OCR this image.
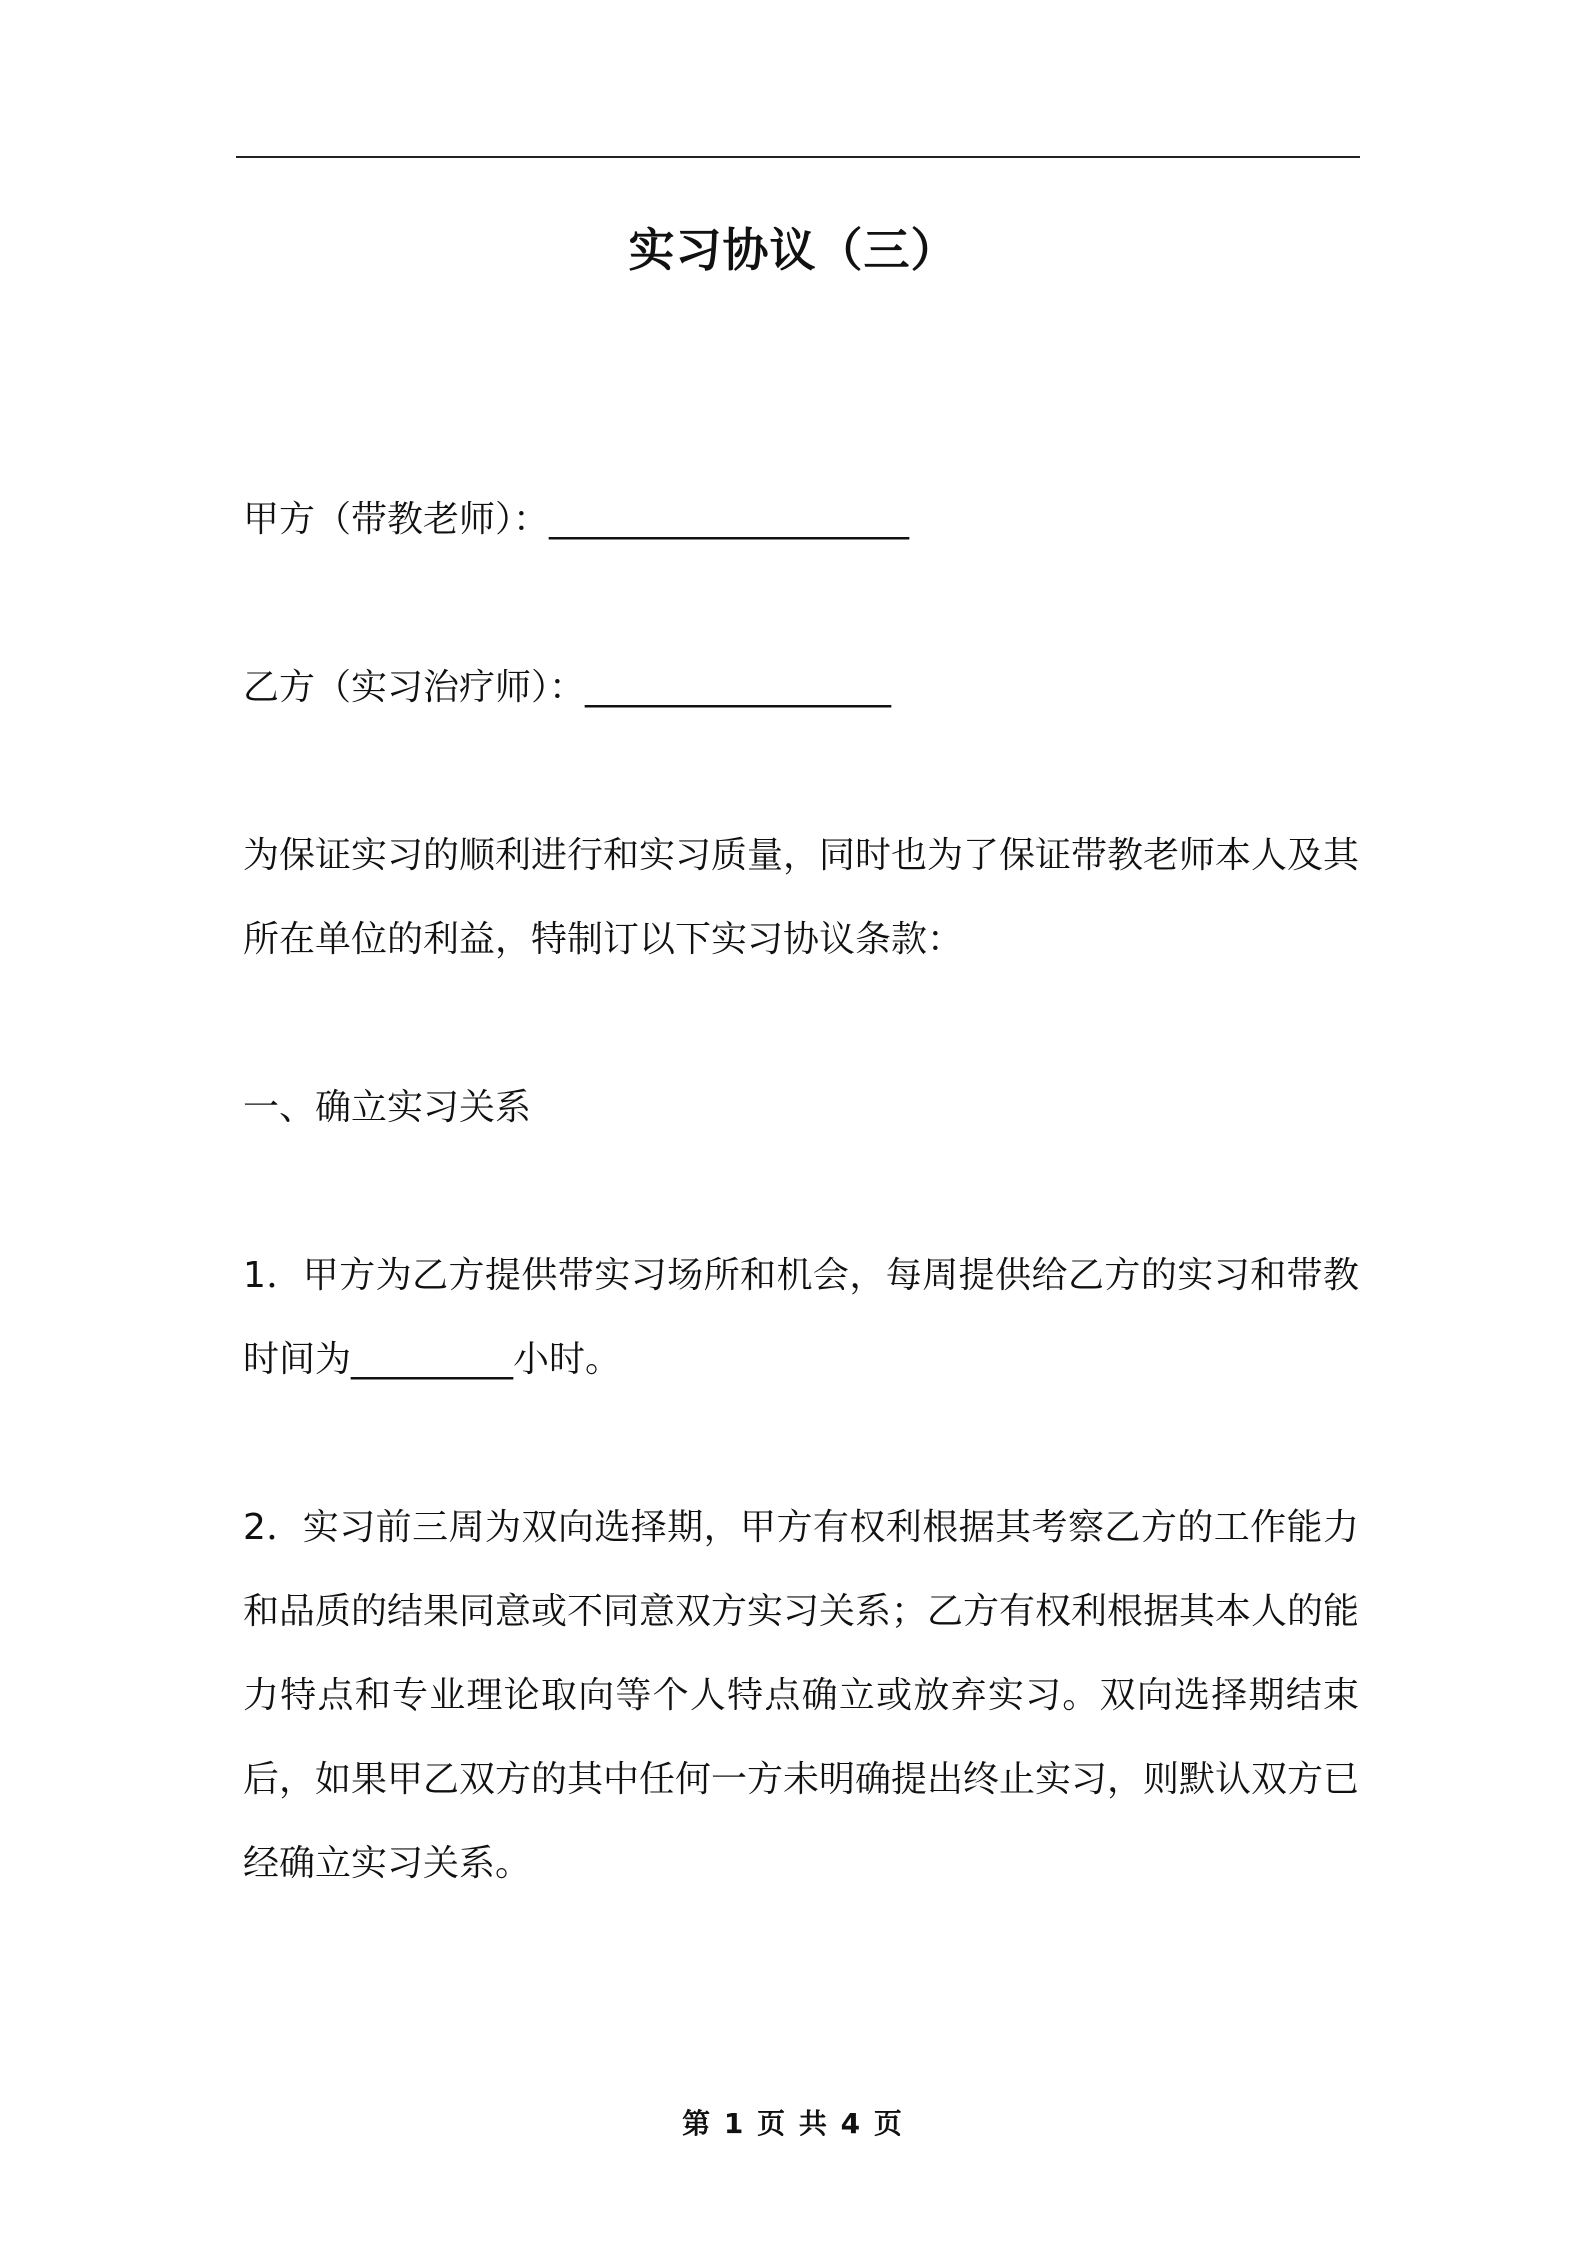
实习协议（三）
甲方（带教老师）：____________________
乙方（实习治疗师）：_________________
为保证实习的顺利进行和实习质量，同时也为了保证带教老师本人及其所在单位的利益，特制订以下实习协议条款：
一、确立实习关系
1．甲方为乙方提供带实习场所和机会，每周提供给乙方的实习和带教时间为_________小时。
2．实习前三周为双向选择期，甲方有权利根据其考察乙方的工作能力和品质的结果同意或不同意双方实习关系；乙方有权利根据其本人的能力特点和专业理论取向等个人特点确立或放弃实习。双向选择期结束后，如果甲乙双方的其中任何一方未明确提出终止实习，则默认双方已经确立实习关系。
第 1 页 共 4 页
